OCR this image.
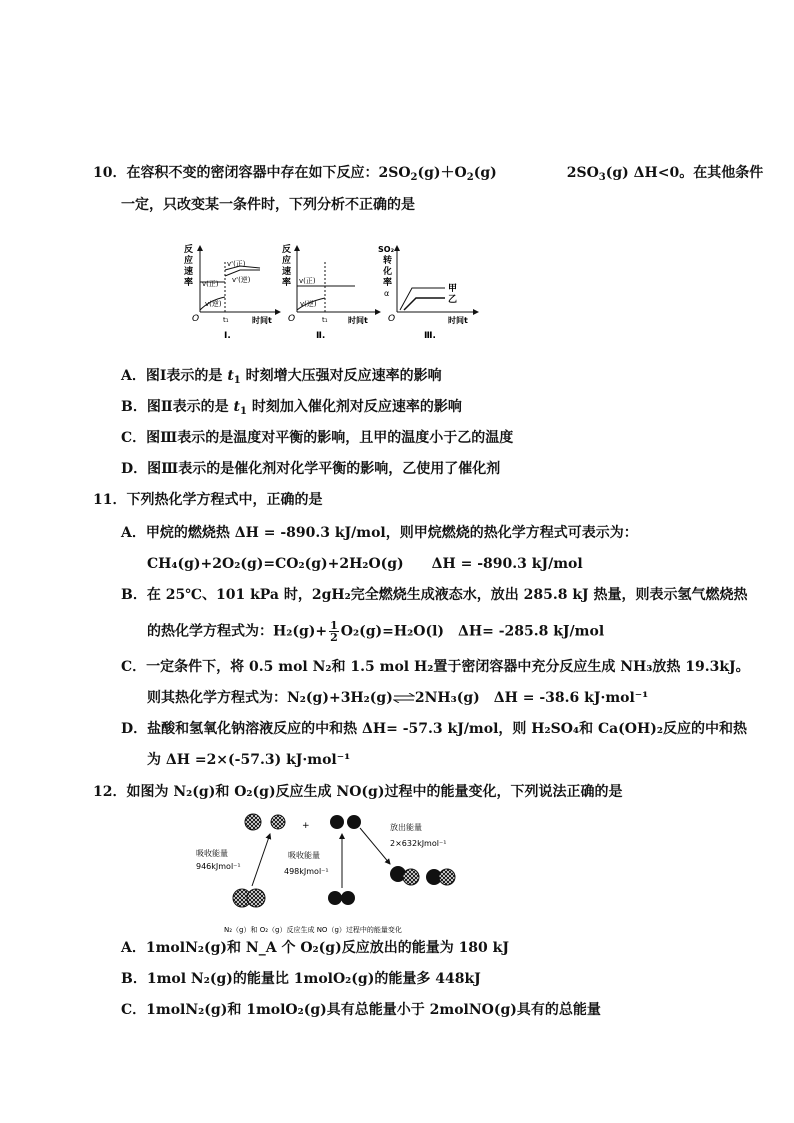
10．在容积不变的密闭容器中存在如下反应：$2SO_2(g)+O_2(g)$	$2SO_3(g)$ ΔH<0。在其他条件
一定，只改变某一条件时，下列分析不正确的是
反
应
速
率
O
v(正)
v'(正)
v'(逆)
v(逆)
t₁	时间t
Ⅰ.
反
应
速
率
O
v(正)
v(逆)
t₁	时间t
Ⅱ.
SO₂
转
化
率
α
O
甲
乙
时间t
Ⅲ.
A．图Ⅰ表示的是 $t_1$ 时刻增大压强对反应速率的影响
B．图Ⅱ表示的是 $t_1$ 时刻加入催化剂对反应速率的影响
C．图Ⅲ表示的是温度对平衡的影响，且甲的温度小于乙的温度
D．图Ⅲ表示的是催化剂对化学平衡的影响，乙使用了催化剂
11．下列热化学方程式中，正确的是
A．甲烷的燃烧热 ΔH = -890.3 kJ/mol，则甲烷燃烧的热化学方程式可表示为：
CH₄(g)+2O₂(g)=CO₂(g)+2H₂O(g)　　ΔH = -890.3 kJ/mol
B．在 25℃、101 kPa 时，2gH₂完全燃烧生成液态水，放出 285.8 kJ 热量，则表示氢气燃烧热
的热化学方程式为：$H_2(g)+ \frac{1}{2} O_2(g)=H_2O(l)$　ΔH= -285.8 kJ/mol
C．一定条件下，将 0.5 mol N₂和 1.5 mol H₂置于密闭容器中充分反应生成 NH₃放热 19.3kJ。
则其热化学方程式为：N₂(g)+3H₂(g)⇌2NH₃(g)　ΔH = -38.6 kJ·mol⁻¹
D．盐酸和氢氧化钠溶液反应的中和热 ΔH= -57.3 kJ/mol，则 H₂SO₄和 Ca(OH)₂反应的中和热
为 ΔH =2×(-57.3) kJ·mol⁻¹
12．如图为 N₂(g)和 O₂(g)反应生成 NO(g)过程中的能量变化，下列说法正确的是
+
吸收能量
946kJmol⁻¹
吸收能量
498kJmol⁻¹
放出能量
2×632kJmol⁻¹
N₂（g）和 O₂（g）反应生成 NO（g）过程中的能量变化
A．1molN₂(g)和 N_A 个 O₂(g)反应放出的能量为 180 kJ
B．1mol N₂(g)的能量比 1molO₂(g)的能量多 448kJ
C．1molN₂(g)和 1molO₂(g)具有总能量小于 2molNO(g)具有的总能量
